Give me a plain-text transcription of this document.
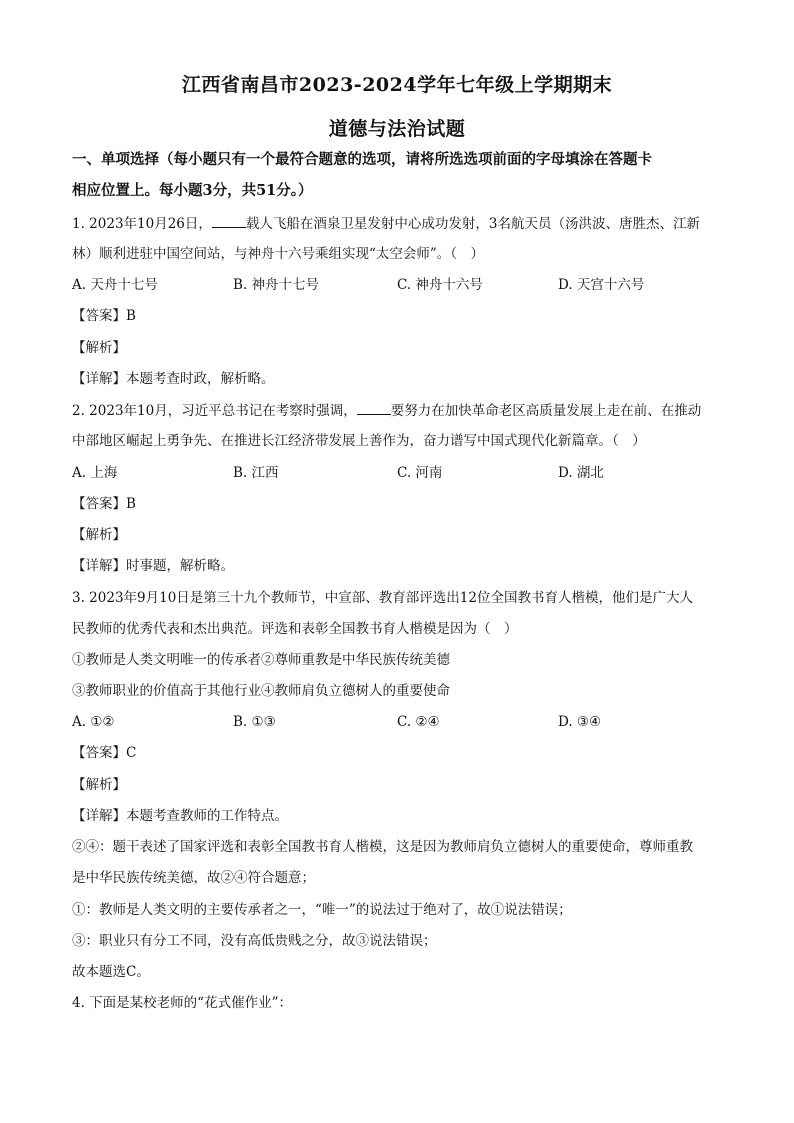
江西省南昌市2023-2024学年七年级上学期期末
道德与法治试题
一、单项选择（每小题只有一个最符合题意的选项，请将所选选项前面的字母填涂在答题卡
相应位置上。每小题3分，共51分。）
1. 2023年10月26日，	载人飞船在酒泉卫星发射中心成功发射，3名航天员（汤洪波、唐胜杰、江新
林）顺利进驻中国空间站，与神舟十六号乘组实现“太空会师”。（　）
A. 天舟十七号	B. 神舟十七号	C. 神舟十六号	D. 天宫十六号
【答案】B
【解析】
【详解】本题考查时政，解析略。
2. 2023年10月，习近平总书记在考察时强调，	要努力在加快革命老区高质量发展上走在前、在推动
中部地区崛起上勇争先、在推进长江经济带发展上善作为，奋力谱写中国式现代化新篇章。（　）
A. 上海	B. 江西	C. 河南	D. 湖北
【答案】B
【解析】
【详解】时事题，解析略。
3. 2023年9月10日是第三十九个教师节，中宣部、教育部评选出12位全国教书育人楷模，他们是广大人
民教师的优秀代表和杰出典范。评选和表彰全国教书育人楷模是因为（　）
①教师是人类文明唯一的传承者②尊师重教是中华民族传统美德
③教师职业的价值高于其他行业④教师肩负立德树人的重要使命
A. ①②	B. ①③	C. ②④	D. ③④
【答案】C
【解析】
【详解】本题考查教师的工作特点。
②④：题干表述了国家评选和表彰全国教书育人楷模，这是因为教师肩负立德树人的重要使命，尊师重教
是中华民族传统美德，故②④符合题意；
①：教师是人类文明的主要传承者之一，“唯一”的说法过于绝对了，故①说法错误；
③：职业只有分工不同，没有高低贵贱之分，故③说法错误；
故本题选C。
4. 下面是某校老师的“花式催作业”：
